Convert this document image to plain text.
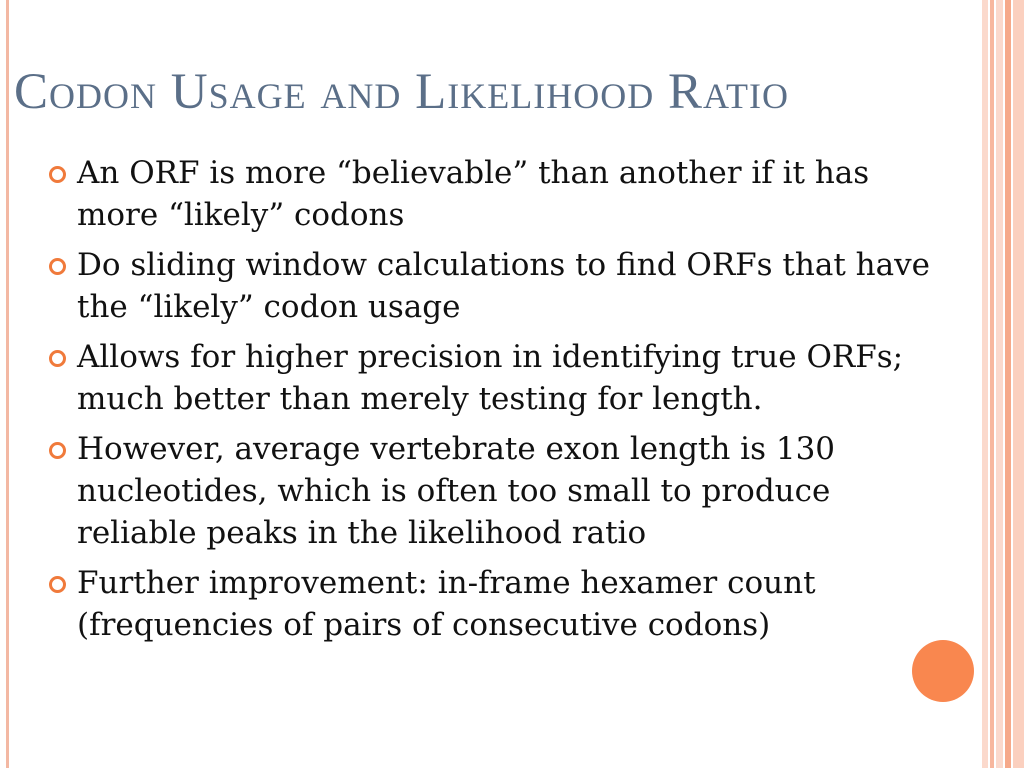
Codon Usage and Likelihood Ratio
An ORF is more “believable” than another if it has more “likely” codons
Do sliding window calculations to find ORFs that have the “likely” codon usage
Allows for higher precision in identifying true ORFs; much better than merely testing for length.
However, average vertebrate exon length is 130 nucleotides, which is often too small to produce reliable peaks in the likelihood ratio
Further improvement: in-frame hexamer count (frequencies of pairs of consecutive codons)
